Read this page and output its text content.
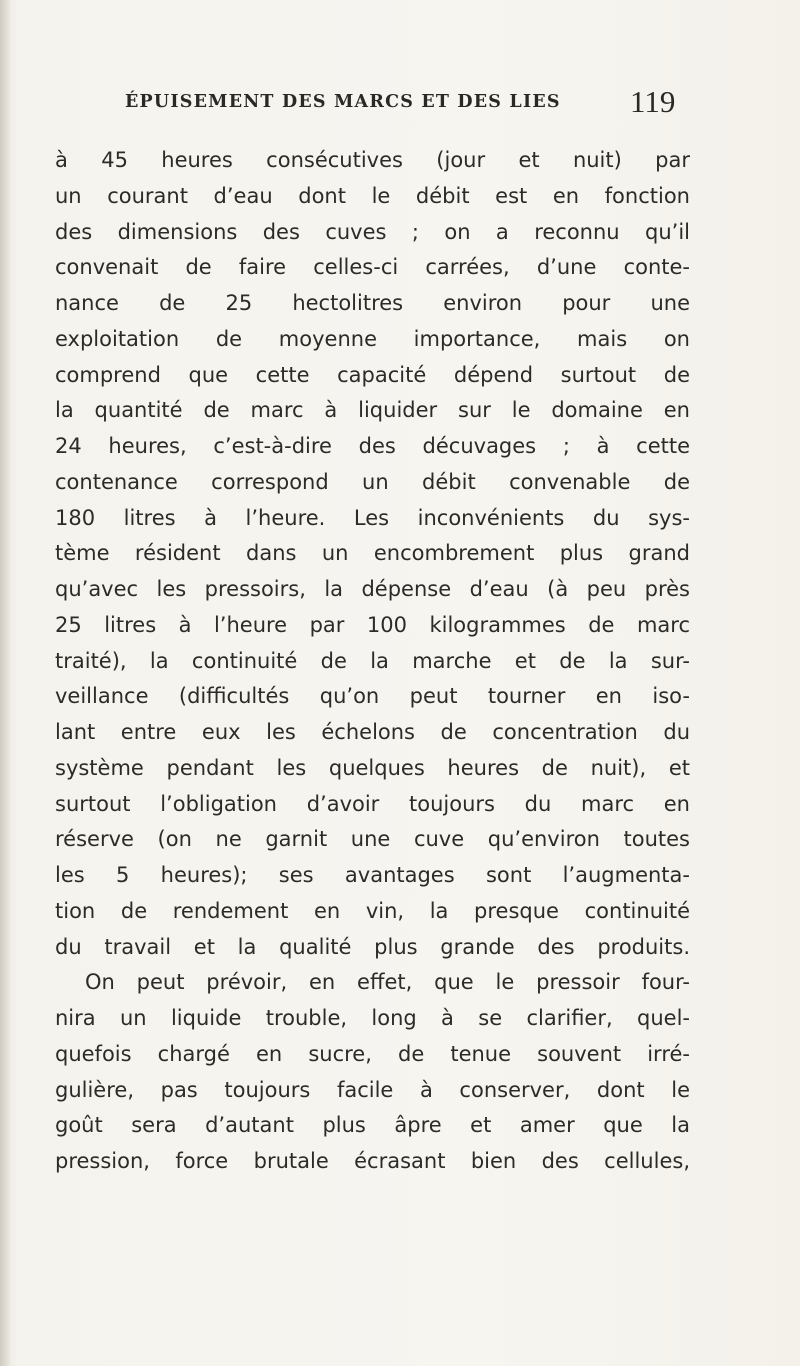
ÉPUISEMENT DES MARCS ET DES LIES 119
à 45 heures consécutives (jour et nuit) par
un courant d’eau dont le débit est en fonction
des dimensions des cuves ; on a reconnu qu’il
convenait de faire celles-ci carrées, d’une conte-
nance de 25 hectolitres environ pour une
exploitation de moyenne importance, mais on
comprend que cette capacité dépend surtout de
la quantité de marc à liquider sur le domaine en
24 heures, c’est-à-dire des décuvages ; à cette
contenance correspond un débit convenable de
180 litres à l’heure. Les inconvénients du sys-
tème résident dans un encombrement plus grand
qu’avec les pressoirs, la dépense d’eau (à peu près
25 litres à l’heure par 100 kilogrammes de marc
traité), la continuité de la marche et de la sur-
veillance (difficultés qu’on peut tourner en iso-
lant entre eux les échelons de concentration du
système pendant les quelques heures de nuit), et
surtout l’obligation d’avoir toujours du marc en
réserve (on ne garnit une cuve qu’environ toutes
les 5 heures); ses avantages sont l’augmenta-
tion de rendement en vin, la presque continuité
du travail et la qualité plus grande des produits.
On peut prévoir, en effet, que le pressoir four-
nira un liquide trouble, long à se clarifier, quel-
quefois chargé en sucre, de tenue souvent irré-
gulière, pas toujours facile à conserver, dont le
goût sera d’autant plus âpre et amer que la
pression, force brutale écrasant bien des cellules,
